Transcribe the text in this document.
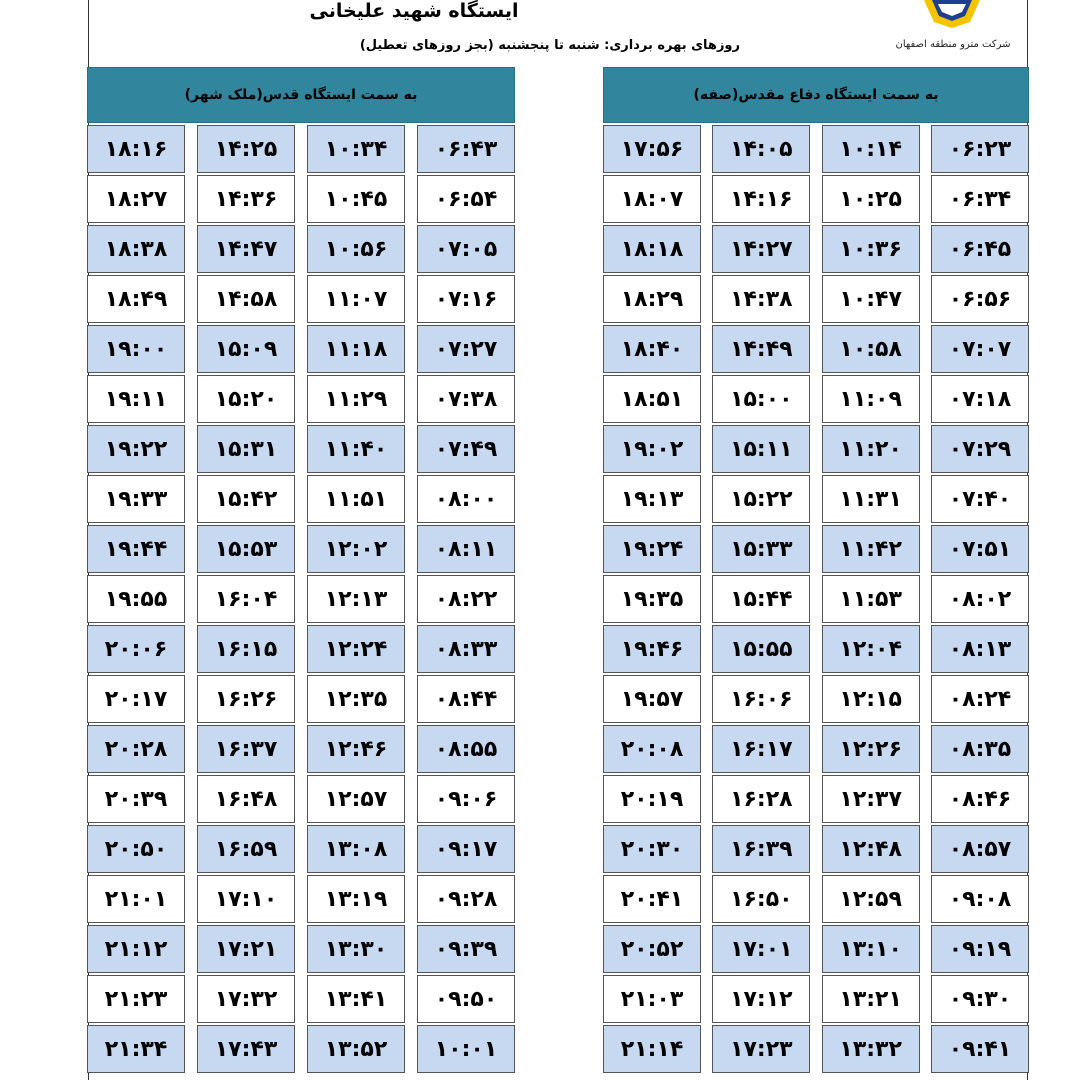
ایستگاه شهید علیخانی
روزهای بهره برداری: شنبه تا پنجشنبه (بجز روزهای تعطیل)	شرکت مترو منطقه اصفهان
به سمت ایستگاه قدس(ملک شهر)
۱۸:۱۶	۱۴:۲۵	۱۰:۳۴	۰۶:۴۳
۱۸:۲۷	۱۴:۳۶	۱۰:۴۵	۰۶:۵۴
۱۸:۳۸	۱۴:۴۷	۱۰:۵۶	۰۷:۰۵
۱۸:۴۹	۱۴:۵۸	۱۱:۰۷	۰۷:۱۶
۱۹:۰۰	۱۵:۰۹	۱۱:۱۸	۰۷:۲۷
۱۹:۱۱	۱۵:۲۰	۱۱:۲۹	۰۷:۳۸
۱۹:۲۲	۱۵:۳۱	۱۱:۴۰	۰۷:۴۹
۱۹:۳۳	۱۵:۴۲	۱۱:۵۱	۰۸:۰۰
۱۹:۴۴	۱۵:۵۳	۱۲:۰۲	۰۸:۱۱
۱۹:۵۵	۱۶:۰۴	۱۲:۱۳	۰۸:۲۲
۲۰:۰۶	۱۶:۱۵	۱۲:۲۴	۰۸:۳۳
۲۰:۱۷	۱۶:۲۶	۱۲:۳۵	۰۸:۴۴
۲۰:۲۸	۱۶:۳۷	۱۲:۴۶	۰۸:۵۵
۲۰:۳۹	۱۶:۴۸	۱۲:۵۷	۰۹:۰۶
۲۰:۵۰	۱۶:۵۹	۱۳:۰۸	۰۹:۱۷
۲۱:۰۱	۱۷:۱۰	۱۳:۱۹	۰۹:۲۸
۲۱:۱۲	۱۷:۲۱	۱۳:۳۰	۰۹:۳۹
۲۱:۲۳	۱۷:۳۲	۱۳:۴۱	۰۹:۵۰
۲۱:۳۴	۱۷:۴۳	۱۳:۵۲	۱۰:۰۱
به سمت ایستگاه دفاع مقدس(صفه)
۱۷:۵۶	۱۴:۰۵	۱۰:۱۴	۰۶:۲۳
۱۸:۰۷	۱۴:۱۶	۱۰:۲۵	۰۶:۳۴
۱۸:۱۸	۱۴:۲۷	۱۰:۳۶	۰۶:۴۵
۱۸:۲۹	۱۴:۳۸	۱۰:۴۷	۰۶:۵۶
۱۸:۴۰	۱۴:۴۹	۱۰:۵۸	۰۷:۰۷
۱۸:۵۱	۱۵:۰۰	۱۱:۰۹	۰۷:۱۸
۱۹:۰۲	۱۵:۱۱	۱۱:۲۰	۰۷:۲۹
۱۹:۱۳	۱۵:۲۲	۱۱:۳۱	۰۷:۴۰
۱۹:۲۴	۱۵:۳۳	۱۱:۴۲	۰۷:۵۱
۱۹:۳۵	۱۵:۴۴	۱۱:۵۳	۰۸:۰۲
۱۹:۴۶	۱۵:۵۵	۱۲:۰۴	۰۸:۱۳
۱۹:۵۷	۱۶:۰۶	۱۲:۱۵	۰۸:۲۴
۲۰:۰۸	۱۶:۱۷	۱۲:۲۶	۰۸:۳۵
۲۰:۱۹	۱۶:۲۸	۱۲:۳۷	۰۸:۴۶
۲۰:۳۰	۱۶:۳۹	۱۲:۴۸	۰۸:۵۷
۲۰:۴۱	۱۶:۵۰	۱۲:۵۹	۰۹:۰۸
۲۰:۵۲	۱۷:۰۱	۱۳:۱۰	۰۹:۱۹
۲۱:۰۳	۱۷:۱۲	۱۳:۲۱	۰۹:۳۰
۲۱:۱۴	۱۷:۲۳	۱۳:۳۲	۰۹:۴۱
